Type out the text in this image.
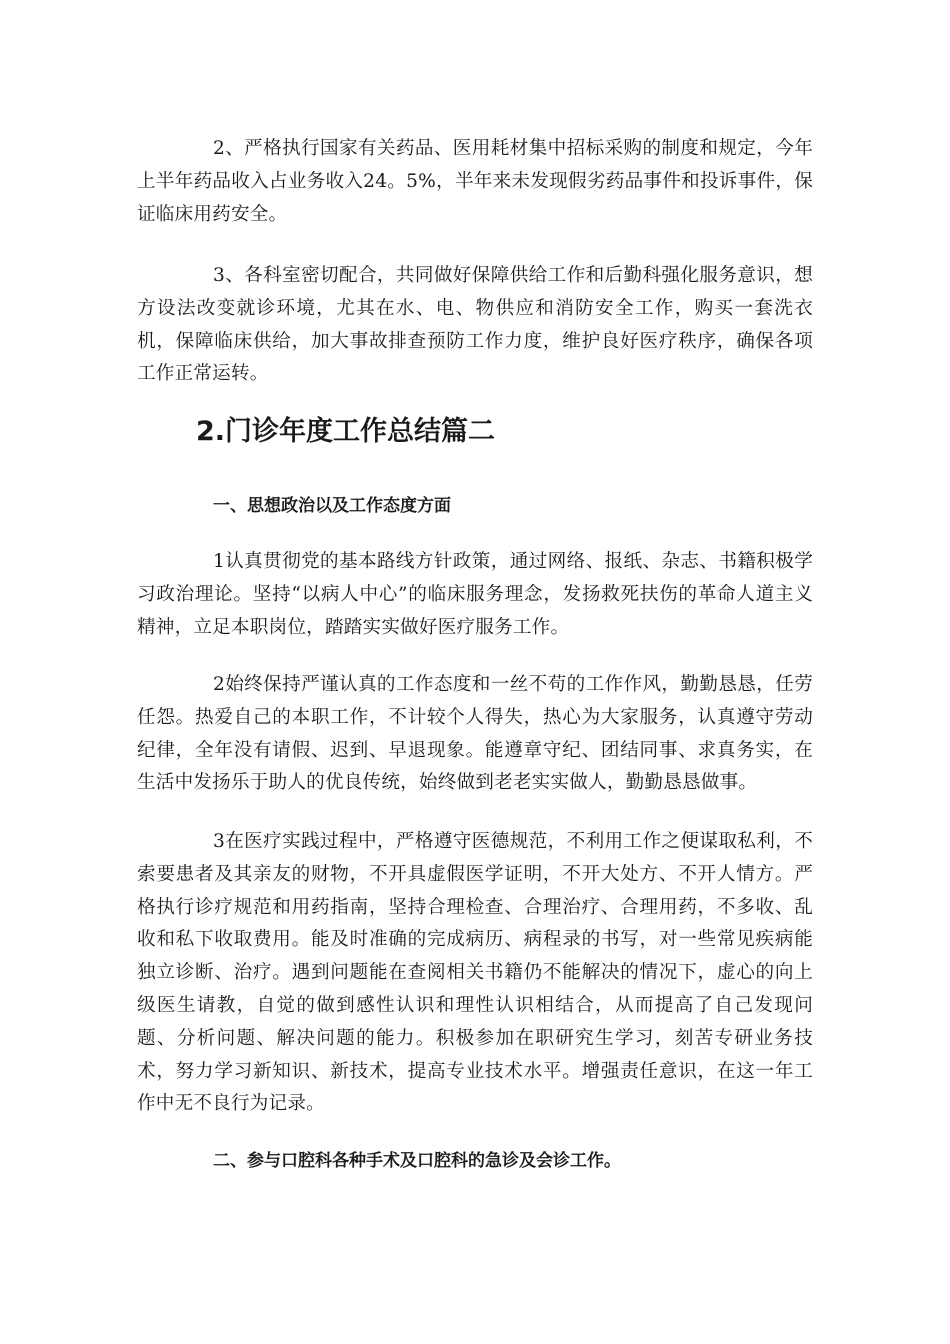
2、严格执行国家有关药品、医用耗材集中招标采购的制度和规定，今年上半年药品收入占业务收入24。5%，半年来未发现假劣药品事件和投诉事件，保证临床用药安全。

3、各科室密切配合，共同做好保障供给工作和后勤科强化服务意识，想方设法改变就诊环境，尤其在水、电、物供应和消防安全工作，购买一套洗衣机，保障临床供给，加大事故排查预防工作力度，维护良好医疗秩序，确保各项工作正常运转。

2.门诊年度工作总结篇二
一、思想政治以及工作态度方面

1认真贯彻党的基本路线方针政策，通过网络、报纸、杂志、书籍积极学习政治理论。坚持“以病人中心”的临床服务理念，发扬救死扶伤的革命人道主义精神，立足本职岗位，踏踏实实做好医疗服务工作。

2始终保持严谨认真的工作态度和一丝不苟的工作作风，勤勤恳恳，任劳任怨。热爱自己的本职工作，不计较个人得失，热心为大家服务，认真遵守劳动纪律，全年没有请假、迟到、早退现象。能遵章守纪、团结同事、求真务实，在生活中发扬乐于助人的优良传统，始终做到老老实实做人，勤勤恳恳做事。

3在医疗实践过程中，严格遵守医德规范，不利用工作之便谋取私利，不索要患者及其亲友的财物，不开具虚假医学证明，不开大处方、不开人情方。严格执行诊疗规范和用药指南，坚持合理检查、合理治疗、合理用药，不多收、乱收和私下收取费用。能及时准确的完成病历、病程录的书写，对一些常见疾病能独立诊断、治疗。遇到问题能在查阅相关书籍仍不能解决的情况下，虚心的向上级医生请教，自觉的做到感性认识和理性认识相结合，从而提高了自己发现问题、分析问题、解决问题的能力。积极参加在职研究生学习，刻苦专研业务技术，努力学习新知识、新技术，提高专业技术水平。增强责任意识，在这一年工作中无不良行为记录。

二、参与口腔科各种手术及口腔科的急诊及会诊工作。
